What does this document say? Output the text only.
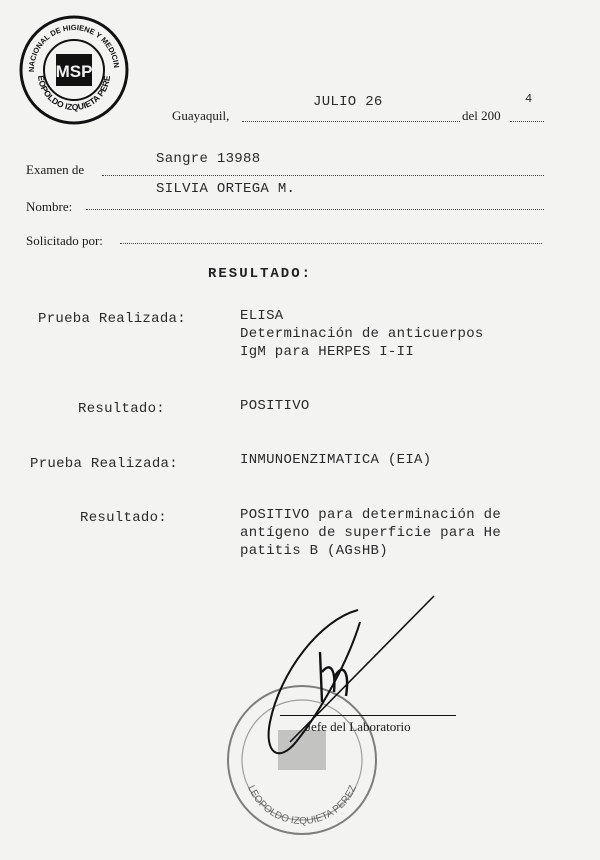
NACIONAL DE HIGIENE Y MEDICIN
EOPOLDO IZQUIETA PERE
MSP
Guayaquil,
JULIO 26
del 200
4
Examen de
Sangre 13988
SILVIA ORTEGA M.
Nombre:
Solicitado por:
RESULTADO:
Prueba Realizada:	ELISA
Determinación de anticuerpos
IgM para HERPES I-II
Resultado:	POSITIVO
Prueba Realizada:	INMUNOENZIMATICA (EIA)
Resultado:	POSITIVO para determinación de
antígeno de superficie para He
patitis B (AGsHB)
LEOPOLDO IZQUIETA PEREZ
Jefe del Laboratorio
